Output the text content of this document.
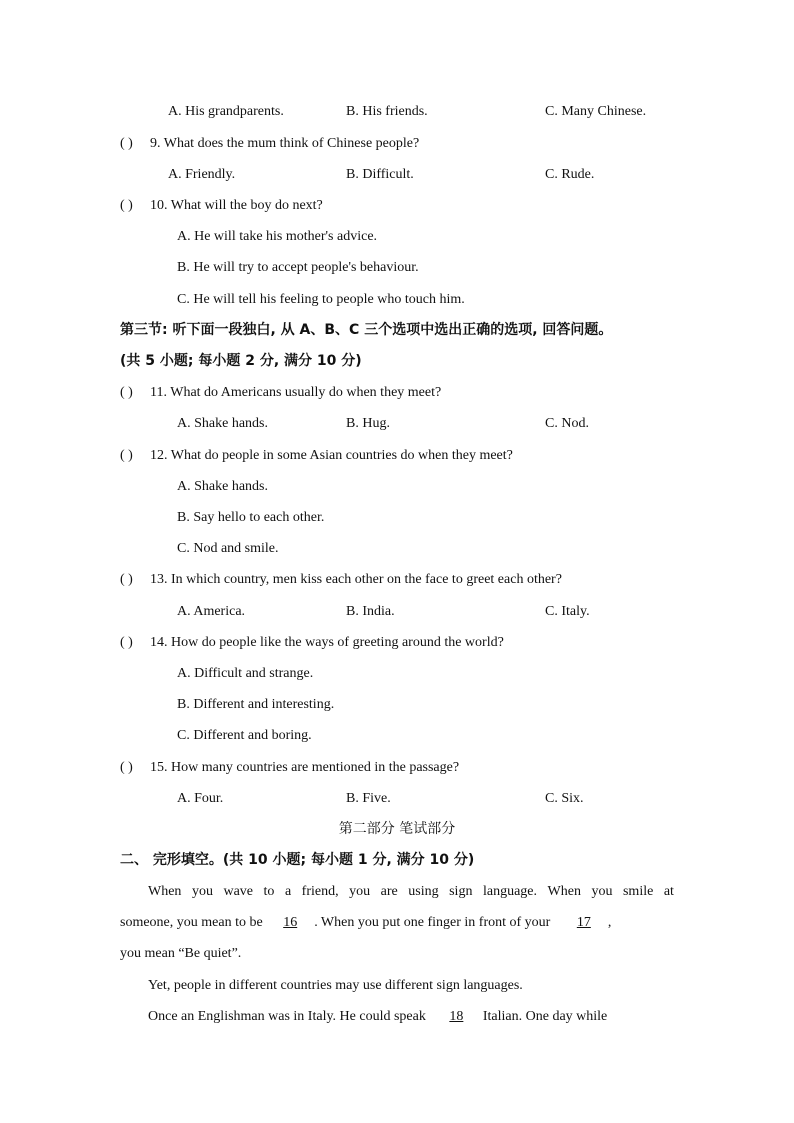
A. His grandparents.	B. His friends.	C. Many Chinese.
( ) 9. What does the mum think of Chinese people?
A. Friendly.	B. Difficult.	C. Rude.
( ) 10. What will the boy do next?
A. He will take his mother's advice.
B. He will try to accept people's behaviour.
C. He will tell his feeling to people who touch him.
第三节: 听下面一段独白, 从 A、B、C 三个选项中选出正确的选项, 回答问题。
(共 5 小题; 每小题 2 分, 满分 10 分)
( ) 11. What do Americans usually do when they meet?
A. Shake hands.	B. Hug.	C. Nod.
( ) 12. What do people in some Asian countries do when they meet?
A. Shake hands.
B. Say hello to each other.
C. Nod and smile.
( ) 13. In which country, men kiss each other on the face to greet each other?
A. America.	B. India.	C. Italy.
( ) 14. How do people like the ways of greeting around the world?
A. Difficult and strange.
B. Different and interesting.
C. Different and boring.
( ) 15. How many countries are mentioned in the passage?
A. Four.	B. Five.	C. Six.
第二部分 笔试部分
二、 完形填空。(共 10 小题; 每小题 1 分, 满分 10 分)
When you wave to a friend, you are using sign language. When you smile at
someone, you mean to be 16 . When you put one finger in front of your 17 ,
you mean “Be quiet”.
Yet, people in different countries may use different sign languages.
Once an Englishman was in Italy. He could speak 18 Italian. One day while
